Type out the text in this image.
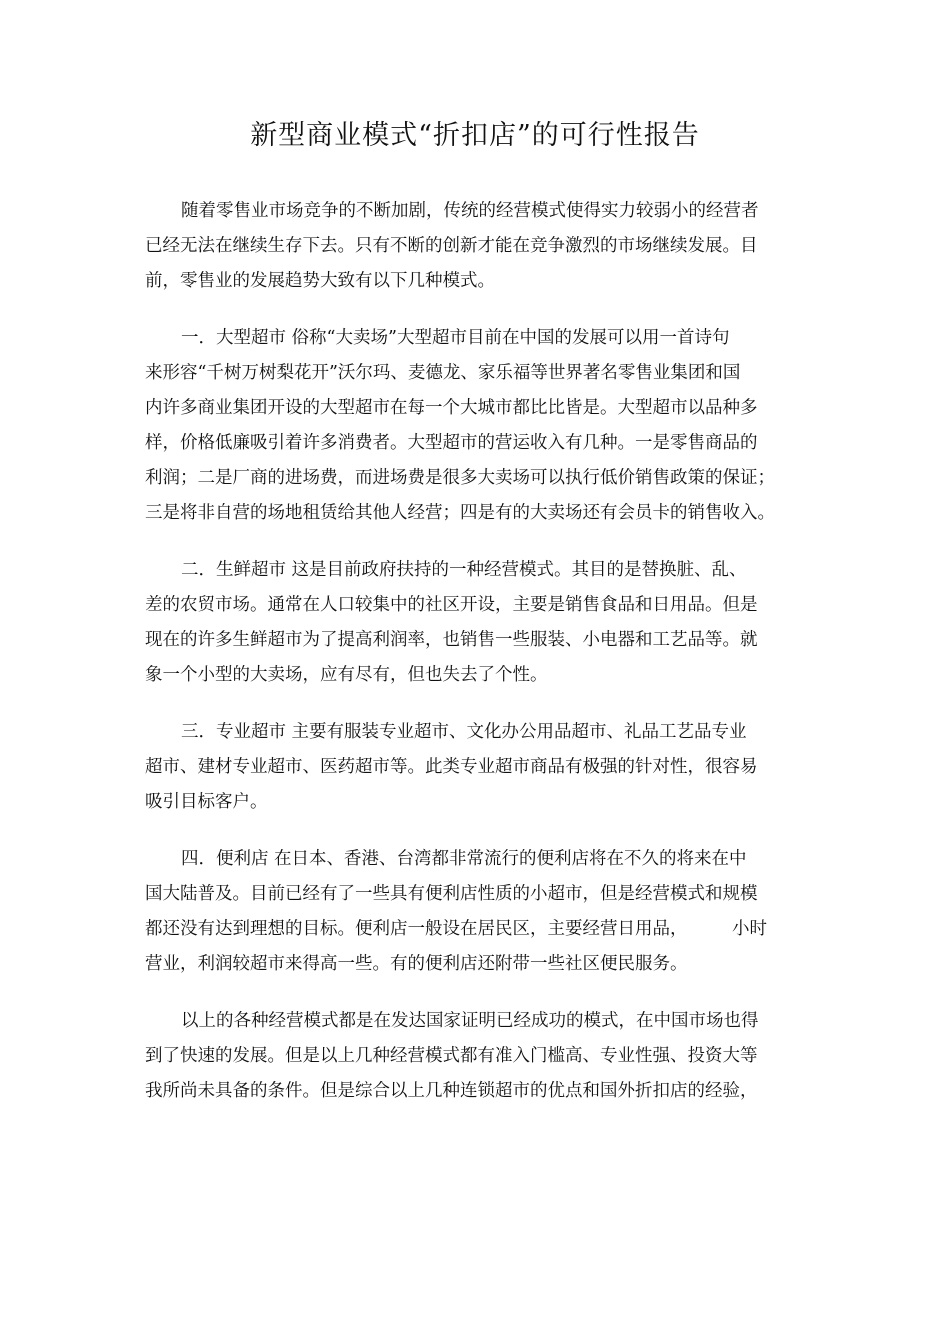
新型商业模式“折扣店”的可行性报告

随着零售业市场竞争的不断加剧，传统的经营模式使得实力较弱小的经营者
已经无法在继续生存下去。只有不断的创新才能在竞争激烈的市场继续发展。目
前，零售业的发展趋势大致有以下几种模式。

一．大型超市 俗称“大卖场”大型超市目前在中国的发展可以用一首诗句
来形容“千树万树梨花开”沃尔玛、麦德龙、家乐福等世界著名零售业集团和国
内许多商业集团开设的大型超市在每一个大城市都比比皆是。大型超市以品种多
样，价格低廉吸引着许多消费者。大型超市的营运收入有几种。一是零售商品的
利润；二是厂商的进场费，而进场费是很多大卖场可以执行低价销售政策的保证；
三是将非自营的场地租赁给其他人经营；四是有的大卖场还有会员卡的销售收入。

二．生鲜超市 这是目前政府扶持的一种经营模式。其目的是替换脏、乱、
差的农贸市场。通常在人口较集中的社区开设，主要是销售食品和日用品。但是
现在的许多生鲜超市为了提高利润率，也销售一些服装、小电器和工艺品等。就
象一个小型的大卖场，应有尽有，但也失去了个性。

三．专业超市 主要有服装专业超市、文化办公用品超市、礼品工艺品专业
超市、建材专业超市、医药超市等。此类专业超市商品有极强的针对性，很容易
吸引目标客户。

四．便利店 在日本、香港、台湾都非常流行的便利店将在不久的将来在中
国大陆普及。目前已经有了一些具有便利店性质的小超市，但是经营模式和规模
都还没有达到理想的目标。便利店一般设在居民区，主要经营日用品，        小时
营业，利润较超市来得高一些。有的便利店还附带一些社区便民服务。

以上的各种经营模式都是在发达国家证明已经成功的模式，在中国市场也得
到了快速的发展。但是以上几种经营模式都有准入门槛高、专业性强、投资大等
我所尚未具备的条件。但是综合以上几种连锁超市的优点和国外折扣店的经验，
